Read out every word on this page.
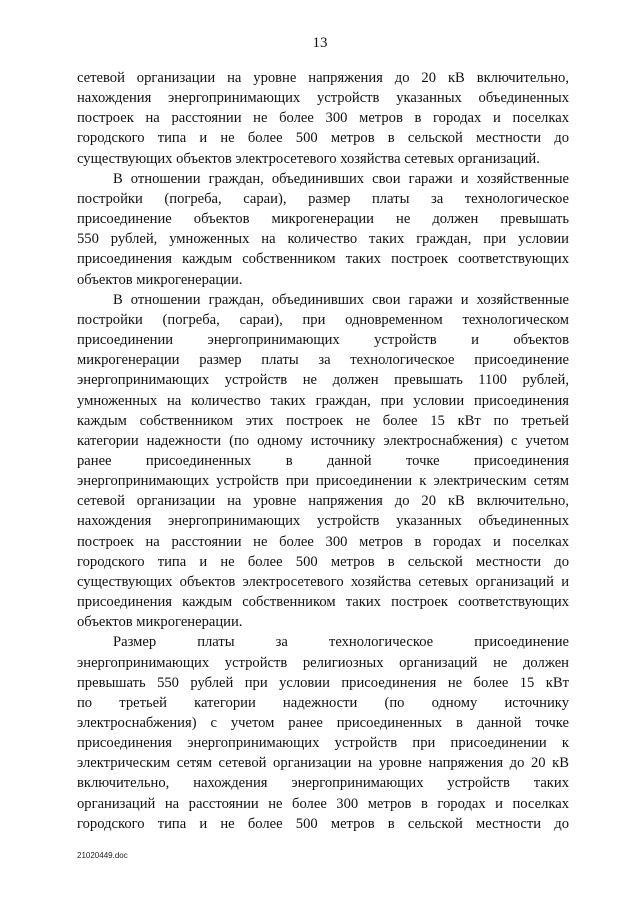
13
сетевой организации на уровне напряжения до 20 кВ включительно,
нахождения энергопринимающих устройств указанных объединенных
построек на расстоянии не более 300 метров в городах и поселках
городского типа и не более 500 метров в сельской местности до
существующих объектов электросетевого хозяйства сетевых организаций.
В отношении граждан, объединивших свои гаражи и хозяйственные
постройки (погреба, сараи), размер платы за технологическое
присоединение объектов микрогенерации не должен превышать
550 рублей, умноженных на количество таких граждан, при условии
присоединения каждым собственником таких построек соответствующих
объектов микрогенерации.
В отношении граждан, объединивших свои гаражи и хозяйственные
постройки (погреба, сараи), при одновременном технологическом
присоединении энергопринимающих устройств и объектов
микрогенерации размер платы за технологическое присоединение
энергопринимающих устройств не должен превышать 1100 рублей,
умноженных на количество таких граждан, при условии присоединения
каждым собственником этих построек не более 15 кВт по третьей
категории надежности (по одному источнику электроснабжения) с учетом
ранее присоединенных в данной точке присоединения
энергопринимающих устройств при присоединении к электрическим сетям
сетевой организации на уровне напряжения до 20 кВ включительно,
нахождения энергопринимающих устройств указанных объединенных
построек на расстоянии не более 300 метров в городах и поселках
городского типа и не более 500 метров в сельской местности до
существующих объектов электросетевого хозяйства сетевых организаций и
присоединения каждым собственником таких построек соответствующих
объектов микрогенерации.
Размер платы за технологическое присоединение
энергопринимающих устройств религиозных организаций не должен
превышать 550 рублей при условии присоединения не более 15 кВт
по третьей категории надежности (по одному источнику
электроснабжения) с учетом ранее присоединенных в данной точке
присоединения энергопринимающих устройств при присоединении к
электрическим сетям сетевой организации на уровне напряжения до 20 кВ
включительно, нахождения энергопринимающих устройств таких
организаций на расстоянии не более 300 метров в городах и поселках
городского типа и не более 500 метров в сельской местности до
21020449.doc
